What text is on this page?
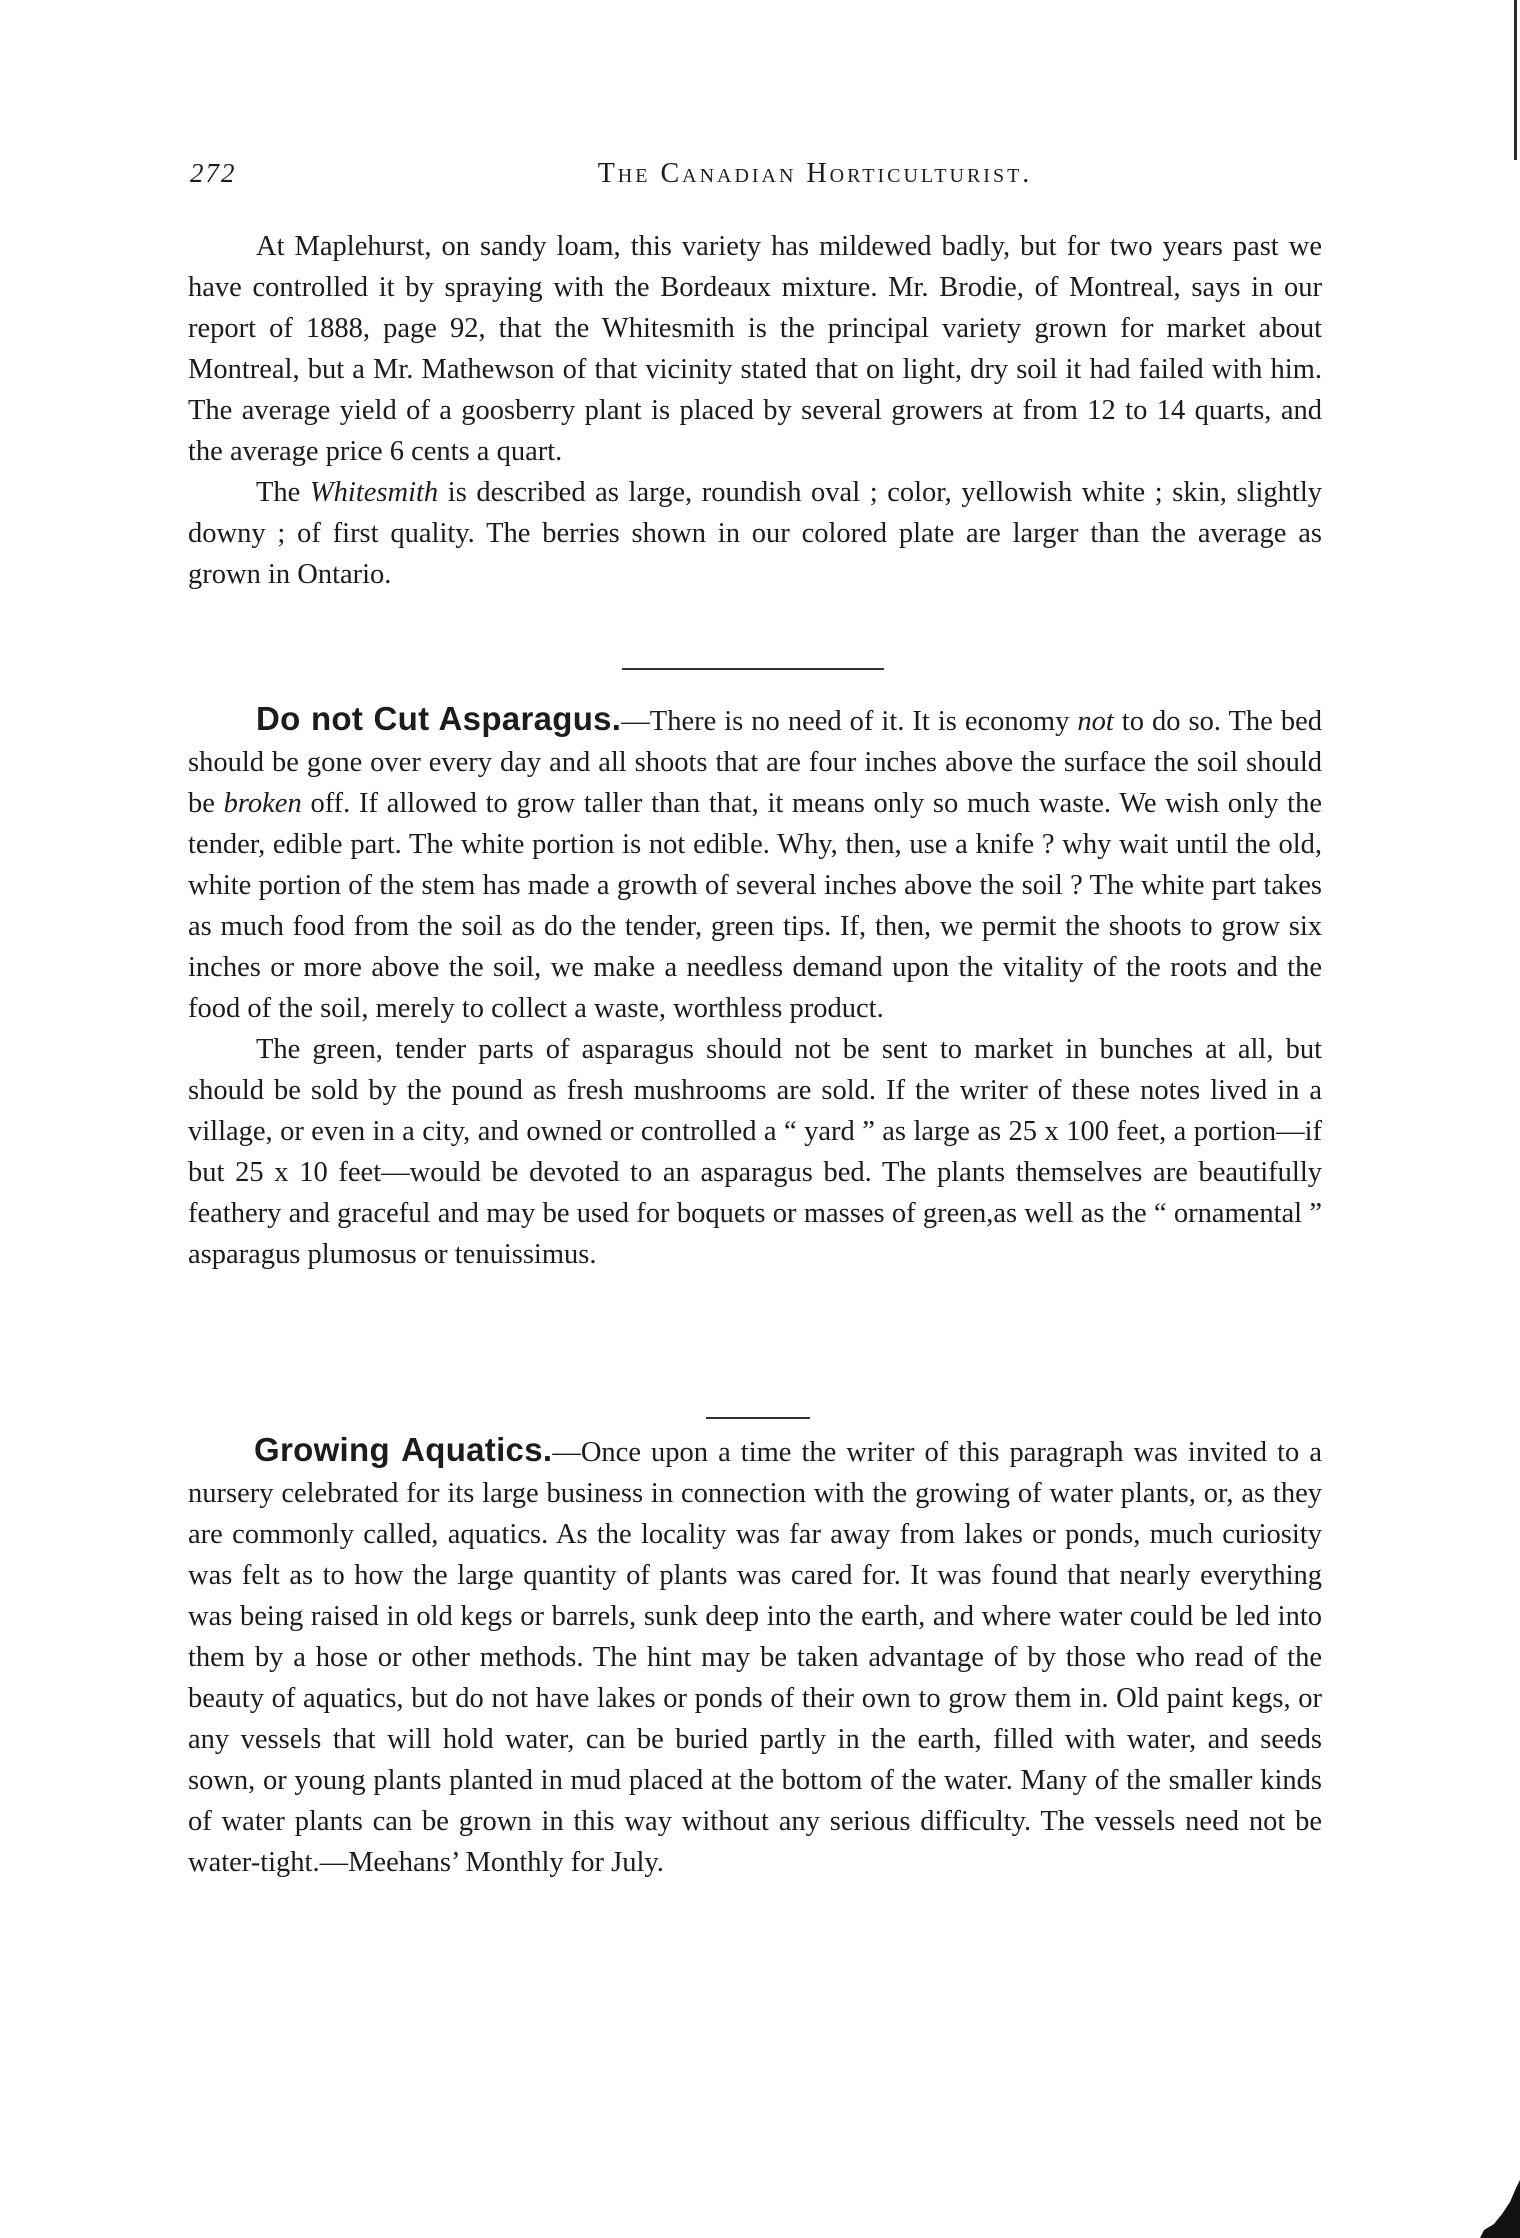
272	The Canadian Horticulturist.

At Maplehurst, on sandy loam, this variety has mildewed badly, but for two years past we have controlled it by spraying with the Bordeaux mixture. Mr. Brodie, of Montreal, says in our report of 1888, page 92, that the Whitesmith is the principal variety grown for market about Montreal, but a Mr. Mathewson of that vicinity stated that on light, dry soil it had failed with him. The average yield of a goosberry plant is placed by several growers at from 12 to 14 quarts, and the average price 6 cents a quart.

The Whitesmith is described as large, roundish oval ; color, yellowish white ; skin, slightly downy ; of first quality. The berries shown in our colored plate are larger than the average as grown in Ontario.

Do not Cut Asparagus.—There is no need of it. It is economy not to do so. The bed should be gone over every day and all shoots that are four inches above the surface the soil should be broken off. If allowed to grow taller than that, it means only so much waste. We wish only the tender, edible part. The white portion is not edible. Why, then, use a knife ? why wait until the old, white portion of the stem has made a growth of several inches above the soil ? The white part takes as much food from the soil as do the tender, green tips. If, then, we permit the shoots to grow six inches or more above the soil, we make a needless demand upon the vitality of the roots and the food of the soil, merely to collect a waste, worthless product.

The green, tender parts of asparagus should not be sent to market in bunches at all, but should be sold by the pound as fresh mushrooms are sold. If the writer of these notes lived in a village, or even in a city, and owned or controlled a “ yard ” as large as 25 x 100 feet, a portion—if but 25 x 10 feet—would be devoted to an asparagus bed. The plants themselves are beautifully feathery and graceful and may be used for boquets or masses of green,as well as the “ ornamental ” asparagus plumosus or tenuissimus.

Growing Aquatics.—Once upon a time the writer of this paragraph was invited to a nursery celebrated for its large business in connection with the growing of water plants, or, as they are commonly called, aquatics. As the locality was far away from lakes or ponds, much curiosity was felt as to how the large quantity of plants was cared for. It was found that nearly everything was being raised in old kegs or barrels, sunk deep into the earth, and where water could be led into them by a hose or other methods. The hint may be taken advantage of by those who read of the beauty of aquatics, but do not have lakes or ponds of their own to grow them in. Old paint kegs, or any vessels that will hold water, can be buried partly in the earth, filled with water, and seeds sown, or young plants planted in mud placed at the bottom of the water. Many of the smaller kinds of water plants can be grown in this way without any serious difficulty. The vessels need not be water-tight.—Meehans’ Monthly for July.
